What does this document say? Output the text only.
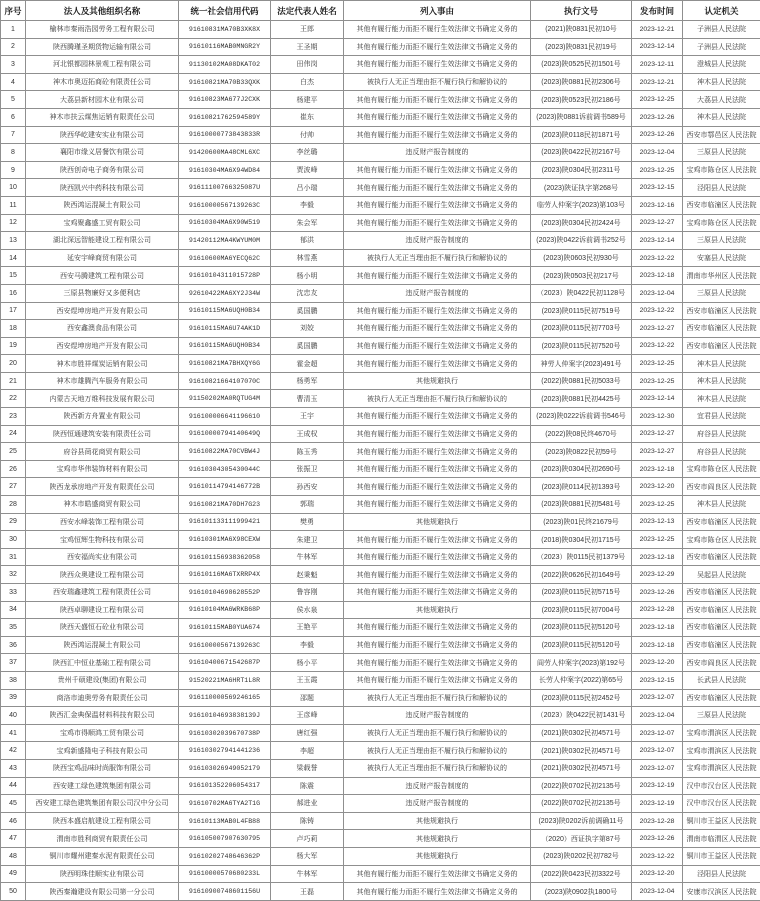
序号	法人及其他组织名称	统一社会信用代码	法定代表人姓名	列入事由	执行文号	发布时间	认定机关
1	榆林市秦雨浩园劳务工程有限公司	91610831MA70B3XK8X	王郎	其他有履行能力而拒不履行生效法律文书确定义务的	(2021)陕0831民初10号	2023-12-21	子洲县人民法院
2	陕西腾瑾圣期货物运输有限公司	91610116MAB0MNGR2Y	王圣期	其他有履行能力而拒不履行生效法律文书确定义务的	(2023)陕0831民初19号	2023-12-14	子洲县人民法院
3	河北银都园林景观工程有限公司	91130102MA08DKAT02	田伟岗	其他有履行能力而拒不履行生效法律文书确定义务的	(2023)陕0525民初1501号	2023-12-11	澄城县人民法院
4	神木市奥迈拓商砼有限责任公司	91610821MA70B33QXK	白杰	被执行人无正当理由拒不履行执行和解协议的	(2023)陕0881民初2306号	2023-12-21	神木县人民法院
5	大荔县新材园木业有限公司	91610823MA677J2CXK	杨建平	其他有履行能力而拒不履行生效法律文书确定义务的	(2023)陕0523民初2186号	2023-12-25	大荔县人民法院
6	神木市扶云煤焦运销有限责任公司	91610821762594589Y	崔东	其他有履行能力而拒不履行生效法律文书确定义务的	(2023)陕0881诉前调书589号	2023-12-26	神木县人民法院
7	陕西华屹建安实业有限公司	91610000773843833R	付帅	其他有履行能力而拒不履行生效法律文书确定义务的	(2023)陕0118民初1871号	2023-12-26	西安市鄠邑区人民法院
8	襄阳市缘义居餐饮有限公司	91420600MA48CML6XC	李丝璐	违反财产报告制度的	(2023)陕0422民初2167号	2023-12-04	三原县人民法院
9	陕西创奇电子商务有限公司	91610304MA6X94WD84	贾波峰	其他有履行能力而拒不履行生效法律文书确定义务的	(2023)陕0304民初2311号	2023-12-25	宝鸡市陈仓区人民法院
10	陕西凯兴中药科技有限公司	91611100766325087U	吕小瑞	其他有履行能力而拒不履行生效法律文书确定义务的	(2023)陕证执字第268号	2023-12-15	泾阳县人民法院
11	陕西鸿运混凝土有限公司	91610000567139263C	李毅	其他有履行能力而拒不履行生效法律文书确定义务的	临劳人仲案字(2023)第103号	2023-12-16	西安市临潼区人民法院
12	宝鸡聚鑫盛工贸有限公司	91610304MA6X90W519	朱会军	其他有履行能力而拒不履行生效法律文书确定义务的	(2023)陕0304民初2424号	2023-12-27	宝鸡市陈仓区人民法院
13	湖北深远智能建设工程有限公司	91420112MA4KWYUM0M	郁洪	违反财产报告制度的	(2023)陕0422诉前调书252号	2023-12-14	三原县人民法院
14	延安宇峰商贸有限公司	91610600MA6YECQ62C	林雪燕	被执行人无正当理由拒不履行执行和解协议的	(2023)陕0603民初930号	2023-12-22	安塞县人民法院
15	西安马腾建筑工程有限公司	91610104311015728P	杨小明	其他有履行能力而拒不履行生效法律文书确定义务的	(2023)陕0503民初217号	2023-12-18	渭南市华州区人民法院
16	三原县物廉好又多便利店	92610422MA6XY2J34W	沈忠友	违反财产报告制度的	（2023）陕0422民初1128号	2023-12-04	三原县人民法院
17	西安煜坤房地产开发有限公司	91610115MA6UQH0B34	奚国鹏	其他有履行能力而拒不履行生效法律文书确定义务的	(2023)陕0115民初7519号	2023-12-22	西安市临潼区人民法院
18	西安鑫澳食品有限公司	91610115MA6U74AK1D	刘姣	其他有履行能力而拒不履行生效法律文书确定义务的	(2023)陕0115民初7703号	2023-12-27	西安市临潼区人民法院
19	西安煜坤房地产开发有限公司	91610115MA6UQH0B34	奚国鹏	其他有履行能力而拒不履行生效法律文书确定义务的	(2023)陕0115民初7520号	2023-12-22	西安市临潼区人民法院
20	神木市胜祥煤炭运销有限公司	91610821MA7BHXQY6G	霍金超	其他有履行能力而拒不履行生效法律文书确定义务的	神劳人仲案字(2023)491号	2023-12-25	神木县人民法院
21	神木市雄腾汽车服务有限公司	91610821664107070C	杨勇军	其他规避执行	(2022)陕0881民初5033号	2023-12-25	神木县人民法院
22	内蒙古天地万维科技发展有限公司	91150202MA0RQTUG4M	曹清玉	被执行人无正当理由拒不履行执行和解协议的	(2023)陕0881民初4425号	2023-12-14	神木县人民法院
23	陕西新方舟置业有限公司	916100006641196610	王宇	其他有履行能力而拒不履行生效法律文书确定义务的	(2023)陕0222诉前调书546号	2023-12-30	宜君县人民法院
24	陕西恒通建筑安装有限责任公司	91610000794140649Q	王成权	其他有履行能力而拒不履行生效法律文书确定义务的	(2022)陕08民终4670号	2023-12-27	府谷县人民法院
25	府谷县茼花商贸有限公司	91610822MA70CVBW4J	陈玉秀	其他有履行能力而拒不履行生效法律文书确定义务的	(2023)陕0822民初59号	2023-12-27	府谷县人民法院
26	宝鸡市华伟装饰材料有限公司	91610304305430044C	张振卫	其他有履行能力而拒不履行生效法律文书确定义务的	(2023)陕0304民初2690号	2023-12-18	宝鸡市陈仓区人民法院
27	陕西龙承房地产开发有限责任公司	91610114794146772B	孙西安	其他有履行能力而拒不履行生效法律文书确定义务的	(2023)陕0114民初1393号	2023-12-20	西安市阎良区人民法院
28	神木市皓盛商贸有限公司	91610821MA70DH7G23	郭瑞	其他有履行能力而拒不履行生效法律文书确定义务的	(2023)陕0881民初5481号	2023-12-25	神木县人民法院
29	西安水峰装饰工程有限公司	916101133111999421	樊勇	其他规避执行	(2023)陕01民终21679号	2023-12-13	西安市临潼区人民法院
30	宝鸡恒辉生物科技有限公司	91610301MA6X98CEXW	朱建卫	其他有履行能力而拒不履行生效法律文书确定义务的	(2018)陕0304民初1715号	2023-12-25	宝鸡市陈仓区人民法院
31	西安福尚实业有限公司	916101156938362058	牛林军	其他有履行能力而拒不履行生效法律文书确定义务的	（2023）陕0115民初1379号	2023-12-18	西安市临潼区人民法院
32	陕西众奥建设工程有限公司	91610116MA6TXRRP4X	赵秉魁	其他有履行能力而拒不履行生效法律文书确定义务的	(2022)陕0626民初1649号	2023-12-29	吴起县人民法院
33	西安瑞鑫建筑工程有限责任公司	91610104698628552P	鲁容刚	其他有履行能力而拒不履行生效法律文书确定义务的	(2023)陕0115民初5715号	2023-12-26	西安市临潼区人民法院
34	陕西卓聊建设工程有限公司	91610104MA6WRKB68P	侯水泉	其他规避执行	(2023)陕0115民初7004号	2023-12-28	西安市临潼区人民法院
35	陕西天盛恒石砼业有限公司	91610115MAB0YUA674	王艳平	其他有履行能力而拒不履行生效法律文书确定义务的	(2023)陕0115民初5120号	2023-12-18	西安市临潼区人民法院
36	陕西鸿运混凝土有限公司	91610000567139263C	李毅	其他有履行能力而拒不履行生效法律文书确定义务的	(2023)陕0115民初5120号	2023-12-18	西安市临潼区人民法院
37	陕西汇中恒业基础工程有限公司	91610400671542687P	杨小平	其他有履行能力而拒不履行生效法律文书确定义务的	阎劳人仲案字(2023)第192号	2023-12-20	西安市阎良区人民法院
38	贵州千硕建设(集团)有限公司	91520221MA6HRT1L8R	王玉霞	其他有履行能力而拒不履行生效法律文书确定义务的	长劳人仲案字(2022)第65号	2023-12-15	长武县人民法院
39	商洛市迪奥劳务有限责任公司	916110000569246165	邵题	被执行人无正当理由拒不履行执行和解协议的	(2023)陕0115民初2452号	2023-12-07	西安市临潼区人民法院
40	陕西汇金典保温材料科技有限公司	91610104693838139J	王彦峰	违反财产报告制度的	（2023）陕0422民初1431号	2023-12-04	三原县人民法院
41	宝鸡市得顺鸿工贸有限公司	91610302039670738P	唐红强	被执行人无正当理由拒不履行执行和解协议的	(2021)陕0302民初4571号	2023-12-07	宝鸡市渭滨区人民法院
42	宝鸡新盛隆电子科技有限公司	916103027941441236	李超	被执行人无正当理由拒不履行执行和解协议的	(2021)陕0302民初4571号	2023-12-07	宝鸡市渭滨区人民法院
43	陕西宝鸡品味时尚服饰有限公司	916103026949052179	梁载誉	被执行人无正当理由拒不履行执行和解协议的	(2021)陕0302民初4571号	2023-12-07	宝鸡市渭滨区人民法院
44	西安建工绿色建筑集团有限公司	916101352206054317	陈震	违反财产报告制度的	(2022)陕0702民初2135号	2023-12-19	汉中市汉台区人民法院
45	西安建工绿色建筑集团有限公司汉中分公司	91610702MA6TYA2T1G	郝进业	违反财产报告制度的	(2022)陕0702民初2135号	2023-12-19	汉中市汉台区人民法院
46	陕西本盛启航建设工程有限公司	91610113MAB0L4FB88	陈铸	其他规避执行	(2023)陕0202诉前调确11号	2023-12-28	铜川市王益区人民法院
47	渭南市胜利商贸有限责任公司	916105007907630795	卢巧莉	其他规避执行	（2020）西证执字第87号	2023-12-26	渭南市临渭区人民法院
48	铜川市耀州建秦水泥有限责任公司	91610202748646362P	杨大军	其他规避执行	(2023)陕0202民初782号	2023-12-22	铜川市王益区人民法院
49	陕西明珠佳顺实业有限公司	91610000570680233L	牛林军	其他有履行能力而拒不履行生效法律文书确定义务的	(2022)陕0423民初3322号	2023-12-20	泾阳县人民法院
50	陕西秦瀚建设有限公司第一分公司	91610900748601156U	王磊	其他有履行能力而拒不履行生效法律文书确定义务的	(2023)陕0902执1800号	2023-12-04	安康市汉滨区人民法院
